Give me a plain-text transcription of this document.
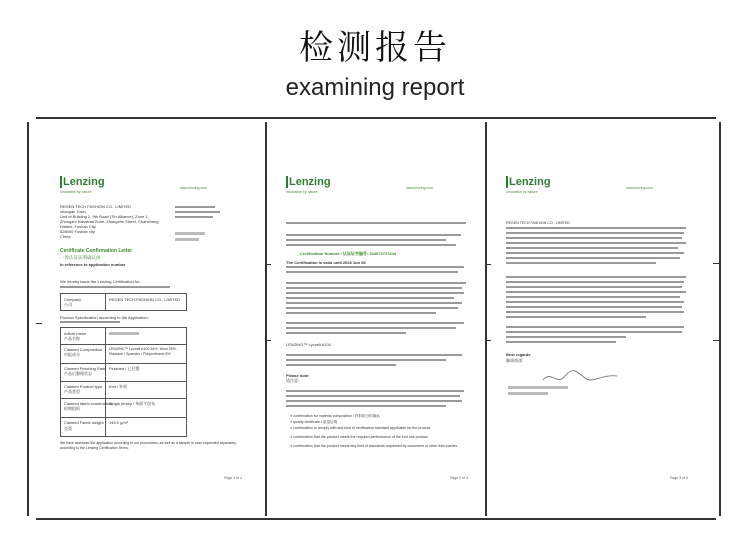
检测报告
examining report
Lenzing
Innovative by nature
www.lenzing.com
REGEN TECH FASHION CO., LIMITED
changan Town
Unit of Building 2, 9th Road (7th Alliance), Zone 1,
Zhongzhi Industrial Zone, Zhangzhe Street, Chancheng
District, Foshan City
528000 Foshan city
China
Certificate Confirmation Letter
一致认证证明确认函
In reference to application number
We hereby issue the Lenzing Certification for:
Company
公司
REGEN TECH FASHION CO., LIMITED
Product Specification according to the Application:
Article name
产品名称
Claimed Composition
申报成分
LENZING™ Lyocell A100 84%, Wool 25%, Elastane / Spandex / Polyurethane 8%
Claimed Finishing State
产品后整理状态
Finished / 已后整
Claimed Product type
产品类型
Knit / 针织
Claimed fabric construction
织物组织
Single jersey / 单面平纹布
Claimed Fabric weight
克重
145.0 g/m²
We have assessed the application according to our procedures, as well as a sample in case requested separately, according to the Lenzing Certification Terms.
Page 1 of 4
Lenzing
Innovative by nature
www.lenzing.com
Certification Number / 认证证书编号: 324070727444
The Certification is valid until 2026 Jun 08
LENZING™ Lyocell A100
Please note:
请注意:
● confirmation for material composition / 材料组分的确认
● quality certificate / 质量证明
● confirmation to comply with any kind of certification standard applicable for the product
● confirmation that the product meets the required performance of the end use product
● confirmation that the product meets any kind of standards requested by customers or other third parties
Page 2 of 4
Lenzing
Innovative by nature
www.lenzing.com
REGEN TECH FASHION CO., LIMITED
Best regards
顺颂商祺
Page 3 of 4
